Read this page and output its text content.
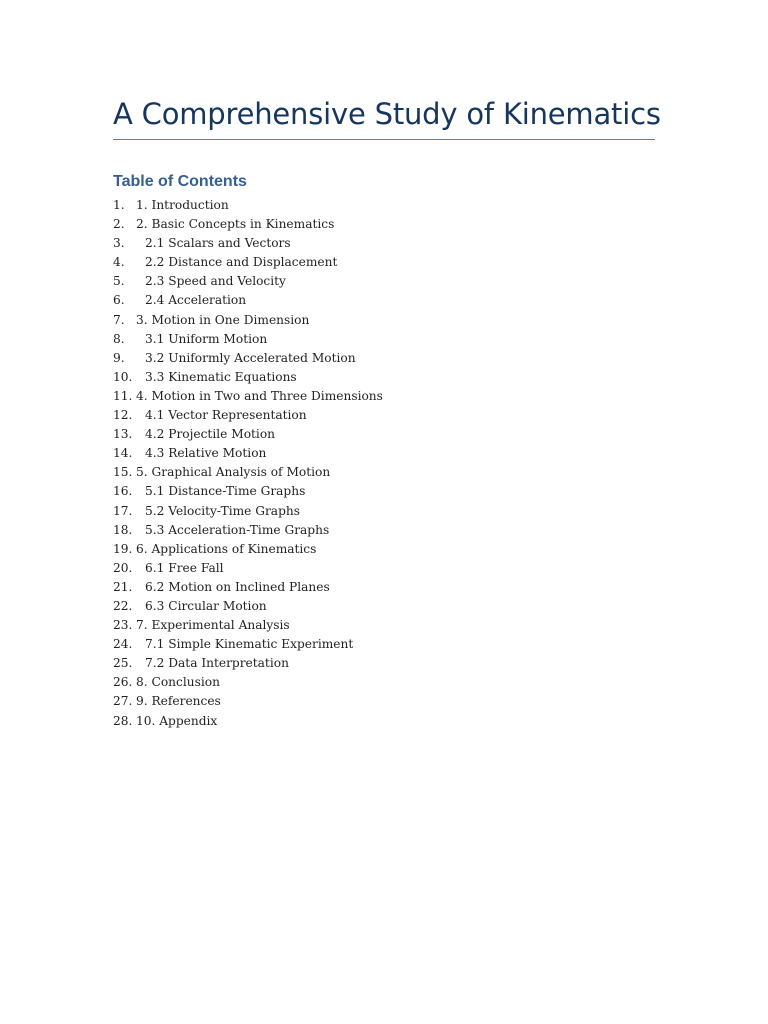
A Comprehensive Study of Kinematics
Table of Contents
1. 1. Introduction
2. 2. Basic Concepts in Kinematics
3. 2.1 Scalars and Vectors
4. 2.2 Distance and Displacement
5. 2.3 Speed and Velocity
6. 2.4 Acceleration
7. 3. Motion in One Dimension
8. 3.1 Uniform Motion
9. 3.2 Uniformly Accelerated Motion
10. 3.3 Kinematic Equations
11. 4. Motion in Two and Three Dimensions
12. 4.1 Vector Representation
13. 4.2 Projectile Motion
14. 4.3 Relative Motion
15. 5. Graphical Analysis of Motion
16. 5.1 Distance-Time Graphs
17. 5.2 Velocity-Time Graphs
18. 5.3 Acceleration-Time Graphs
19. 6. Applications of Kinematics
20. 6.1 Free Fall
21. 6.2 Motion on Inclined Planes
22. 6.3 Circular Motion
23. 7. Experimental Analysis
24. 7.1 Simple Kinematic Experiment
25. 7.2 Data Interpretation
26. 8. Conclusion
27. 9. References
28. 10. Appendix
